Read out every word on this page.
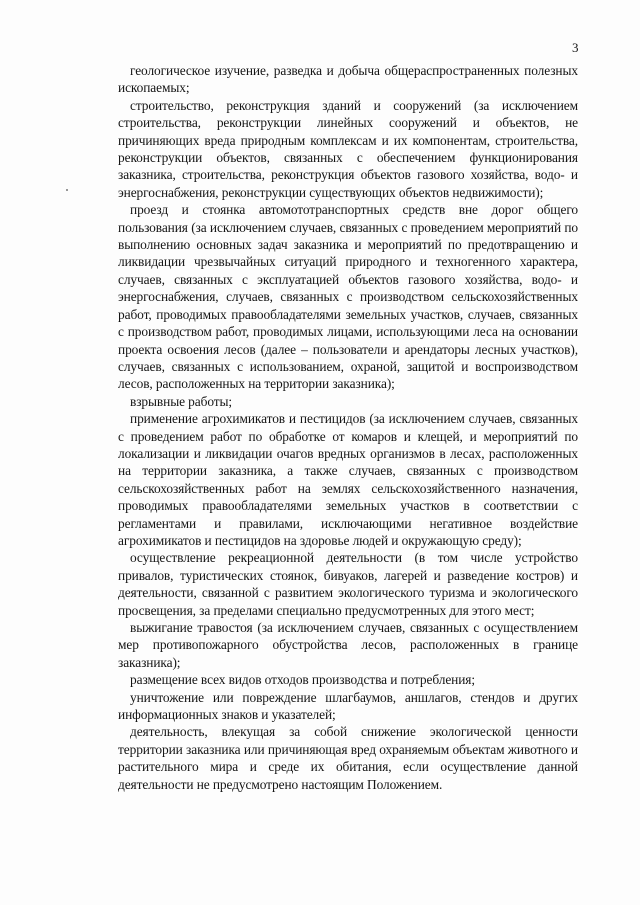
3

геологическое изучение, разведка и добыча общераспространенных полезных ископаемых;

строительство, реконструкция зданий и сооружений (за исключением строительства, реконструкции линейных сооружений и объектов, не причиняющих вреда природным комплексам и их компонентам, строительства, реконструкции объектов, связанных с обеспечением функционирования заказника, строительства, реконструкция объектов газового хозяйства, водо- и энергоснабжения, реконструкции существующих объектов недвижимости);

проезд и стоянка автомототранспортных средств вне дорог общего пользования (за исключением случаев, связанных с проведением мероприятий по выполнению основных задач заказника и мероприятий по предотвращению и ликвидации чрезвычайных ситуаций природного и техногенного характера, случаев, связанных с эксплуатацией объектов газового хозяйства, водо- и энергоснабжения, случаев, связанных с производством сельскохозяйственных работ, проводимых правообладателями земельных участков, случаев, связанных с производством работ, проводимых лицами, использующими леса на основании проекта освоения лесов (далее – пользователи и арендаторы лесных участков), случаев, связанных с использованием, охраной, защитой и воспроизводством лесов, расположенных на территории заказника);

взрывные работы;

применение агрохимикатов и пестицидов (за исключением случаев, связанных с проведением работ по обработке от комаров и клещей, и мероприятий по локализации и ликвидации очагов вредных организмов в лесах, расположенных на территории заказника, а также случаев, связанных с производством сельскохозяйственных работ на землях сельскохозяйственного назначения, проводимых правообладателями земельных участков в соответствии с регламентами и правилами, исключающими негативное воздействие агрохимикатов и пестицидов на здоровье людей и окружающую среду);

осуществление рекреационной деятельности (в том числе устройство привалов, туристических стоянок, бивуаков, лагерей и разведение костров) и деятельности, связанной с развитием экологического туризма и экологического просвещения, за пределами специально предусмотренных для этого мест;

выжигание травостоя (за исключением случаев, связанных с осуществлением мер противопожарного обустройства лесов, расположенных в границе заказника);

размещение всех видов отходов производства и потребления;

уничтожение или повреждение шлагбаумов, аншлагов, стендов и других информационных знаков и указателей;

деятельность, влекущая за собой снижение экологической ценности территории заказника или причиняющая вред охраняемым объектам животного и растительного мира и среде их обитания, если осуществление данной деятельности не предусмотрено настоящим Положением.
